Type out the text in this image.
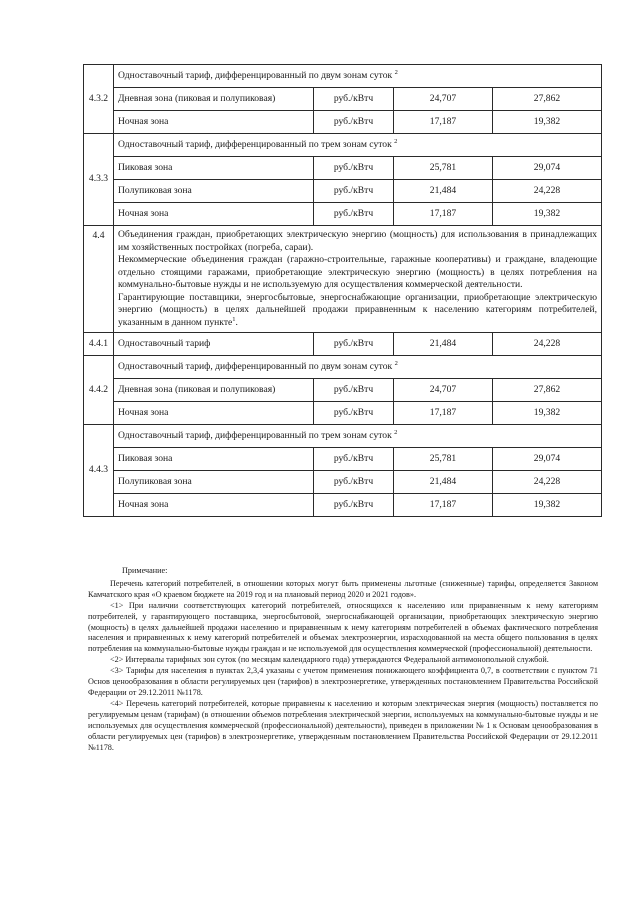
4.3.2	Одноставочный тариф, дифференцированный по двум зонам суток $^2$
	Дневная зона (пиковая и полупиковая)	руб./кВтч	24,707	27,862
	Ночная зона	руб./кВтч	17,187	19,382
4.3.3	Одноставочный тариф, дифференцированный по трем зонам суток $^2$
	Пиковая зона	руб./кВтч	25,781	29,074
	Полупиковая зона	руб./кВтч	21,484	24,228
	Ночная зона	руб./кВтч	17,187	19,382
4.4	Объединения граждан, приобретающих электрическую энергию (мощность) для использования в принадлежащих им хозяйственных постройках (погреба, сараи).

Некоммерческие объединения граждан (гаражно-строительные, гаражные кооперативы) и граждане, владеющие отдельно стоящими гаражами, приобретающие электрическую энергию (мощность) в целях потребления на коммунально-бытовые нужды и не используемую для осуществления коммерческой деятельности.

Гарантирующие поставщики, энергосбытовые, энергоснабжающие организации, приобретающие электрическую энергию (мощность) в целях дальнейшей продажи приравненным к населению категориям потребителей, указанным в данном пункте$^1$.			

4.4.1	Одноставочный тариф	руб./кВтч	21,484	24,228
4.4.2	Одноставочный тариф, дифференцированный по двум зонам суток $^2$
	Дневная зона (пиковая и полупиковая)	руб./кВтч	24,707	27,862
	Ночная зона	руб./кВтч	17,187	19,382
4.4.3	Одноставочный тариф, дифференцированный по трем зонам суток $^2$
	Пиковая зона	руб./кВтч	25,781	29,074
	Полупиковая зона	руб./кВтч	21,484	24,228
	Ночная зона	руб./кВтч	17,187	19,382

Примечание:

Перечень категорий потребителей, в отношении которых могут быть применены льготные (сниженные) тарифы, определяется Законом Камчатского края «О краевом бюджете на 2019 год и на плановый период 2020 и 2021 годов».

<1> При наличии соответствующих категорий потребителей, относящихся к населению или приравненным к нему категориям потребителей, у гарантирующего поставщика, энергосбытовой, энергоснабжающей организации, приобретающих электрическую энергию (мощность) в целях дальнейшей продажи населению и приравненным к нему категориям потребителей в объемах фактического потребления населения и приравненных к нему категорий потребителей и объемах электроэнергии, израсходованной на места общего пользования в целях потребления на коммунально-бытовые нужды граждан и не используемой для осуществления коммерческой (профессиональной) деятельности.

<2> Интервалы тарифных зон суток (по месяцам календарного года) утверждаются Федеральной антимонопольной службой.

<3> Тарифы для населения в пунктах 2,3,4 указаны с учетом применения понижающего коэффициента 0,7, в соответствии с пунктом 71 Основ ценообразования в области регулируемых цен (тарифов) в электроэнергетике, утвержденных постановлением Правительства Российской Федерации от 29.12.2011 №1178.

<4> Перечень категорий потребителей, которые приравнены к населению и которым электрическая энергия (мощность) поставляется по регулируемым ценам (тарифам) (в отношении объемов потребления электрической энергии, используемых на коммунально-бытовые нужды и не используемых для осуществления коммерческой (профессиональной) деятельности), приведен в приложении № 1 к Основам ценообразования в области регулируемых цен (тарифов) в электроэнергетике, утвержденным постановлением Правительства Российской Федерации от 29.12.2011 №1178.
